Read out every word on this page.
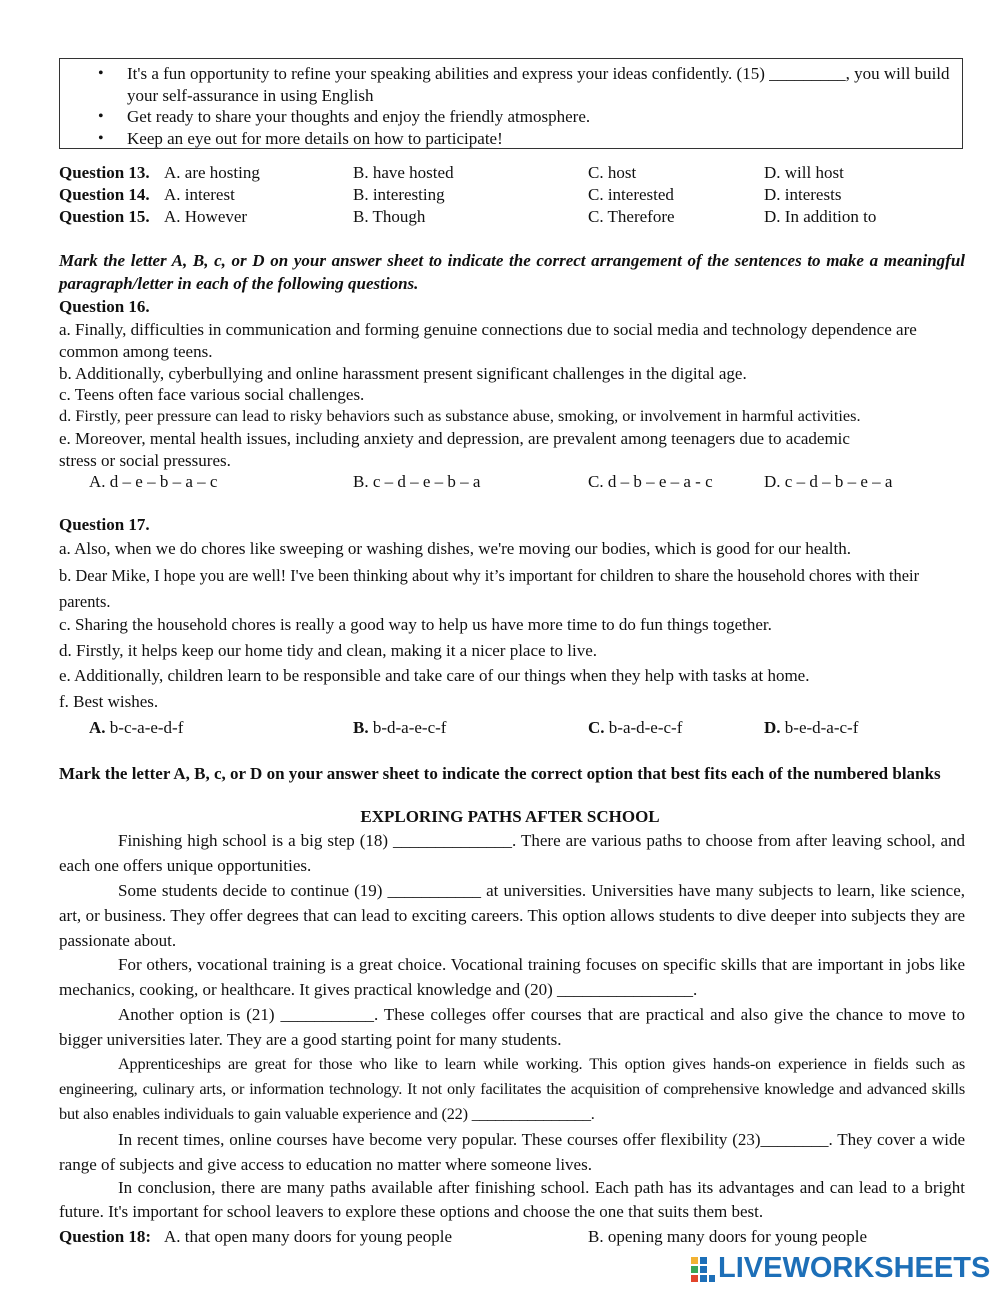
• It's a fun opportunity to refine your speaking abilities and express your ideas confidently. (15) _________, you will build your self-assurance in using English
• Get ready to share your thoughts and enjoy the friendly atmosphere.
• Keep an eye out for more details on how to participate!
Question 13. A. are hosting	B. have hosted	C. host	D. will host
Question 14. A. interest	B. interesting	C. interested	D. interests
Question 15. A. However	B. Though	C. Therefore	D. In addition to
Mark the letter A, B, c, or D on your answer sheet to indicate the correct arrangement of the sentences to make a meaningful paragraph/letter in each of the following questions.
Question 16.
a. Finally, difficulties in communication and forming genuine connections due to social media and technology dependence are common among teens.
b. Additionally, cyberbullying and online harassment present significant challenges in the digital age.
c. Teens often face various social challenges.
d. Firstly, peer pressure can lead to risky behaviors such as substance abuse, smoking, or involvement in harmful activities.
e. Moreover, mental health issues, including anxiety and depression, are prevalent among teenagers due to academic stress or social pressures.
A. d – e – b – a – c	B. c – d – e – b – a	C. d – b – e – a - c	D. c – d – b – e – a
Question 17.
a. Also, when we do chores like sweeping or washing dishes, we're moving our bodies, which is good for our health.
b. Dear Mike, I hope you are well! I've been thinking about why it’s important for children to share the household chores with their parents.
c. Sharing the household chores is really a good way to help us have more time to do fun things together.
d. Firstly, it helps keep our home tidy and clean, making it a nicer place to live.
e. Additionally, children learn to be responsible and take care of our things when they help with tasks at home.
f. Best wishes.
A. b-c-a-e-d-f	B. b-d-a-e-c-f	C. b-a-d-e-c-f	D. b-e-d-a-c-f
Mark the letter A, B, c, or D on your answer sheet to indicate the correct option that best fits each of the numbered blanks
EXPLORING PATHS AFTER SCHOOL
Finishing high school is a big step (18) ______________. There are various paths to choose from after leaving school, and each one offers unique opportunities.
Some students decide to continue (19) ___________ at universities. Universities have many subjects to learn, like science, art, or business. They offer degrees that can lead to exciting careers. This option allows students to dive deeper into subjects they are passionate about.
For others, vocational training is a great choice. Vocational training focuses on specific skills that are important in jobs like mechanics, cooking, or healthcare. It gives practical knowledge and (20) ________________.
Another option is (21) ___________. These colleges offer courses that are practical and also give the chance to move to bigger universities later. They are a good starting point for many students.
Apprenticeships are great for those who like to learn while working. This option gives hands-on experience in fields such as engineering, culinary arts, or information technology. It not only facilitates the acquisition of comprehensive knowledge and advanced skills but also enables individuals to gain valuable experience and (22) _______________.
In recent times, online courses have become very popular. These courses offer flexibility (23)________. They cover a wide range of subjects and give access to education no matter where someone lives.
In conclusion, there are many paths available after finishing school. Each path has its advantages and can lead to a bright future. It's important for school leavers to explore these options and choose the one that suits them best.
Question 18: A. that open many doors for young people	B. opening many doors for young people
LIVEWORKSHEETS
